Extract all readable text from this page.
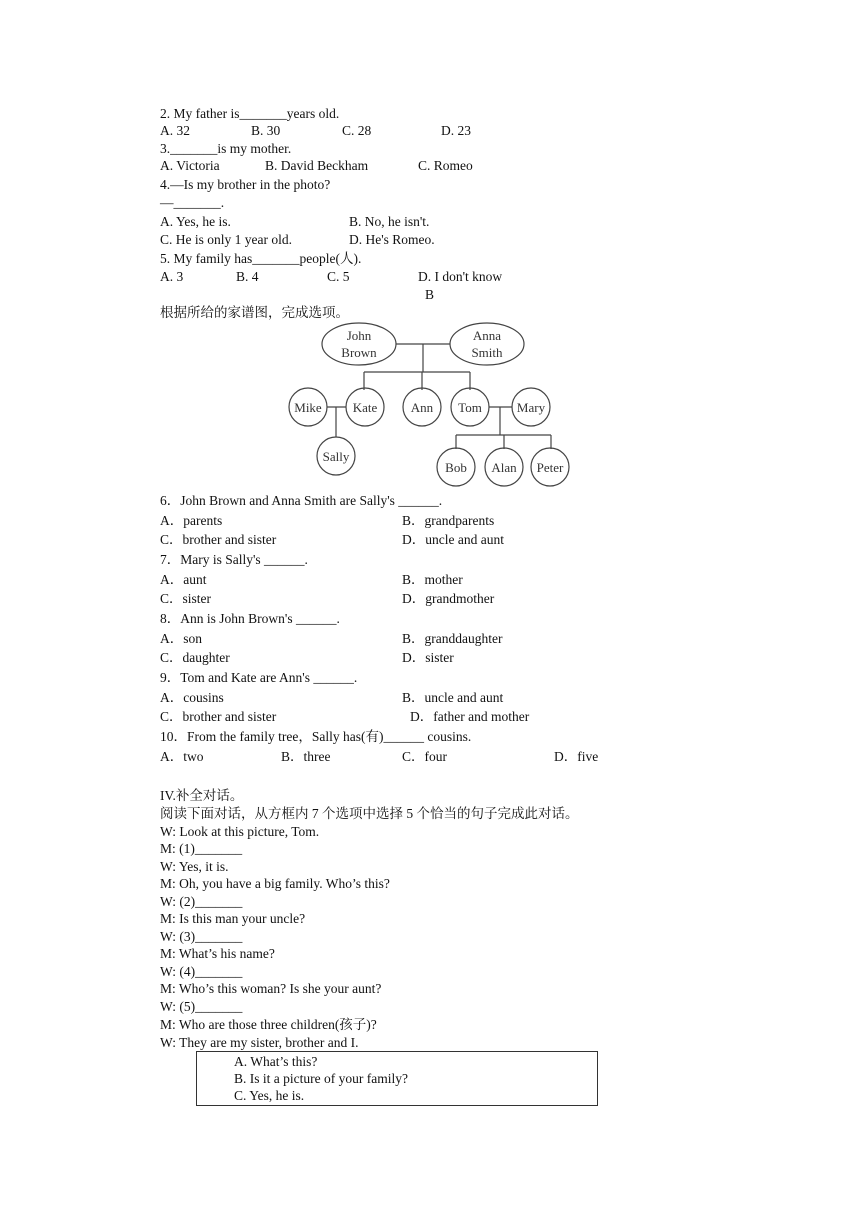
2. My father is_______years old.
A. 32	B. 30	C. 28	D. 23
3._______is my mother.
A. Victoria	B. David Beckham	C. Romeo
4.—Is my brother in the photo?
—_______.
A. Yes, he is.	B. No, he isn't.
C. He is only 1 year old.	D. He's Romeo.
5. My family has_______people(人).
A. 3	B. 4	C. 5	D. I don't know
B
根据所给的家谱图，完成选项。
John
Brown
Anna
Smith
Mike Kate	Ann Tom	Mary
Sally
Bob Alan Peter
6．John Brown and Anna Smith are Sally's ______.
A．parents	B．grandparents
C．brother and sister	D．uncle and aunt
7．Mary is Sally's ______.
A．aunt	B．mother
C．sister	D．grandmother
8．Ann is John Brown's ______.
A．son	B．granddaughter
C．daughter	D．sister
9．Tom and Kate are Ann's ______.
A．cousins	B．uncle and aunt
C．brother and sister	D．father and mother
10．From the family tree，Sally has(有)______ cousins.
A．two	B．three	C．four	D．five
IV.补全对话。
阅读下面对话，从方框内 7 个选项中选择 5 个恰当的句子完成此对话。
W: Look at this picture, Tom.
M: (1)_______
W: Yes, it is.
M: Oh, you have a big family. Who’s this?
W: (2)_______
M: Is this man your uncle?
W: (3)_______
M: What’s his name?
W: (4)_______
M: Who’s this woman? Is she your aunt?
W: (5)_______
M: Who are those three children(孩子)?
W: They are my sister, brother and I.
A. What’s this?
B. Is it a picture of your family?
C. Yes, he is.
